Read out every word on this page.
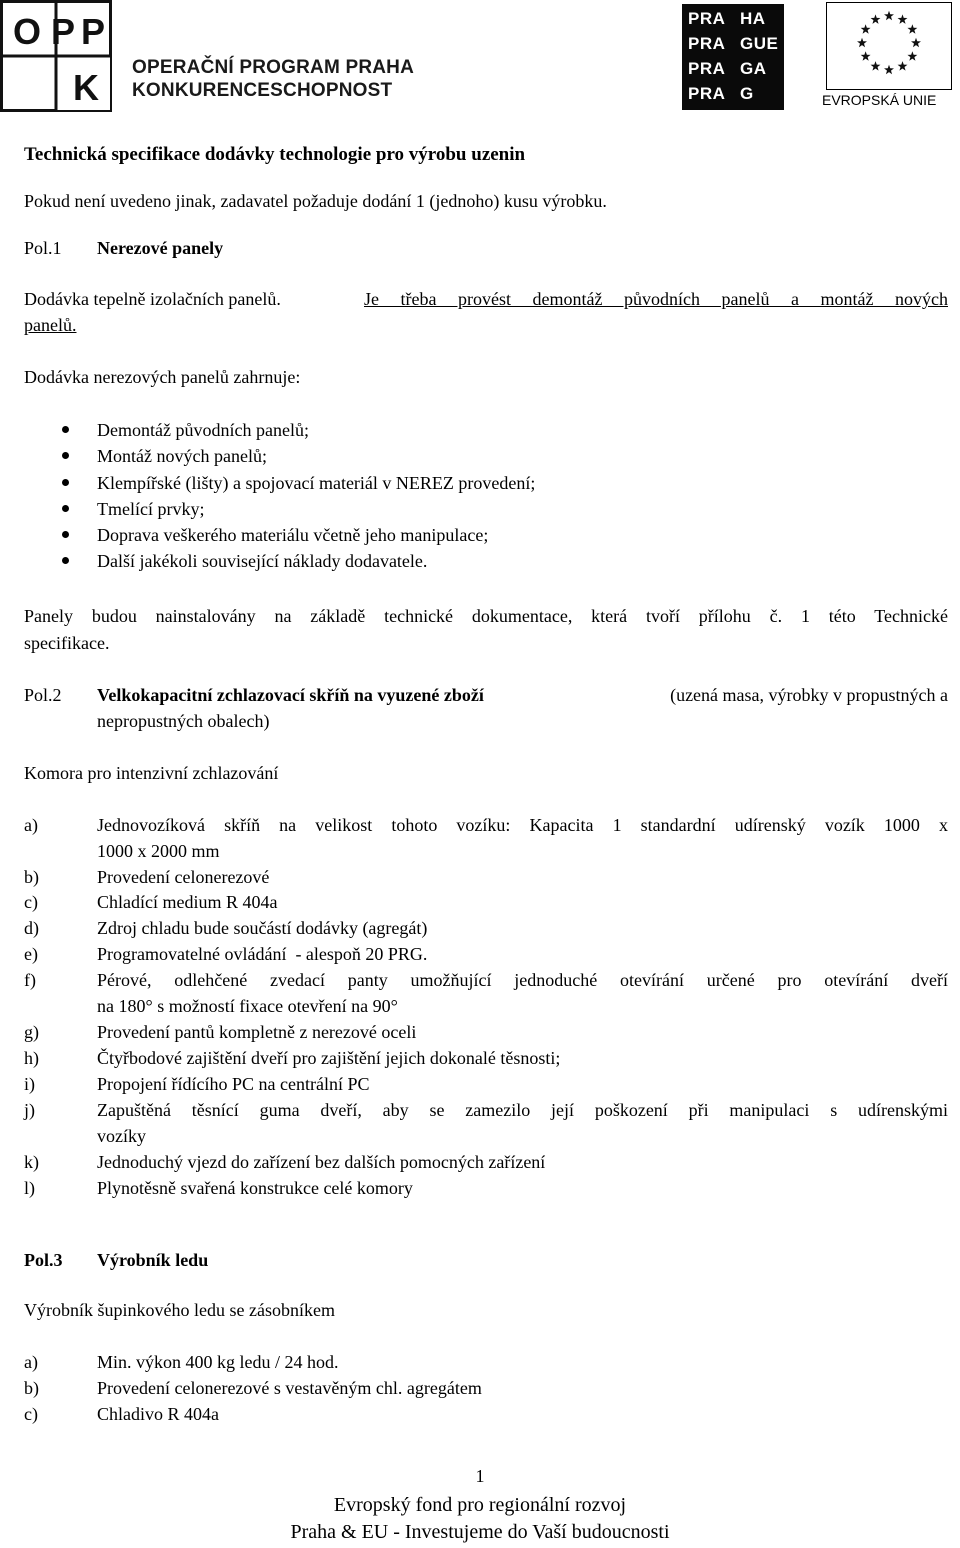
O P P
K OPERAČNÍ PROGRAM PRAHA
KONKURENCESCHOPNOST
PRA HA
PRA GUE
PRA GA
PRA G	EVROPSKÁ UNIE
Technická specifikace dodávky technologie pro výrobu uzenin
Pokud není uvedeno jinak, zadavatel požaduje dodání 1 (jednoho) kusu výrobku.
Pol.1 Nerezové panely
Dodávka tepelně izolačních panelů.	Je třeba provést demontáž původních panelů a montáž nových
panelů.
Dodávka nerezových panelů zahrnuje:
Demontáž původních panelů;
Montáž nových panelů;
Klempířské (lišty) a spojovací materiál v NEREZ provedení;
Tmelící prvky;
Doprava veškerého materiálu včetně jeho manipulace;
Další jakékoli související náklady dodavatele.
Panely budou nainstalovány na základě technické dokumentace, která tvoří přílohu č. 1 této Technické
specifikace.
Pol.2 Velkokapacitní zchlazovací skříň na vyuzené zboží	(uzená masa, výrobky v propustných a
nepropustných obalech)
Komora pro intenzivní zchlazování
a)	Jednovozíková skříň na velikost tohoto vozíku: Kapacita 1 standardní udírenský vozík 1000 x
1000 x 2000 mm
b)	Provedení celonerezové
c)	Chladící medium R 404a
d)	Zdroj chladu bude součástí dodávky (agregát)
e)	Programovatelné ovládání  - alespoň 20 PRG.
f)	Pérové, odlehčené zvedací panty umožňující jednoduché otevírání určené pro otevírání dveří
na 180° s možností fixace otevření na 90°
g)	Provedení pantů kompletně z nerezové oceli
h)	Čtyřbodové zajištění dveří pro zajištění jejich dokonalé těsnosti;
i)	Propojení řídícího PC na centrální PC
j)	Zapuštěná těsnící guma dveří, aby se zamezilo její poškození při manipulaci s udírenskými
vozíky
k)	Jednoduchý vjezd do zařízení bez dalších pomocných zařízení
l)	Plynotěsně svařená konstrukce celé komory
Pol.3 Výrobník ledu
Výrobník šupinkového ledu se zásobníkem
a)	Min. výkon 400 kg ledu / 24 hod.
b)	Provedení celonerezové s vestavěným chl. agregátem
c)	Chladivo R 404a
1
Evropský fond pro regionální rozvoj
Praha & EU - Investujeme do Vaší budoucnosti
